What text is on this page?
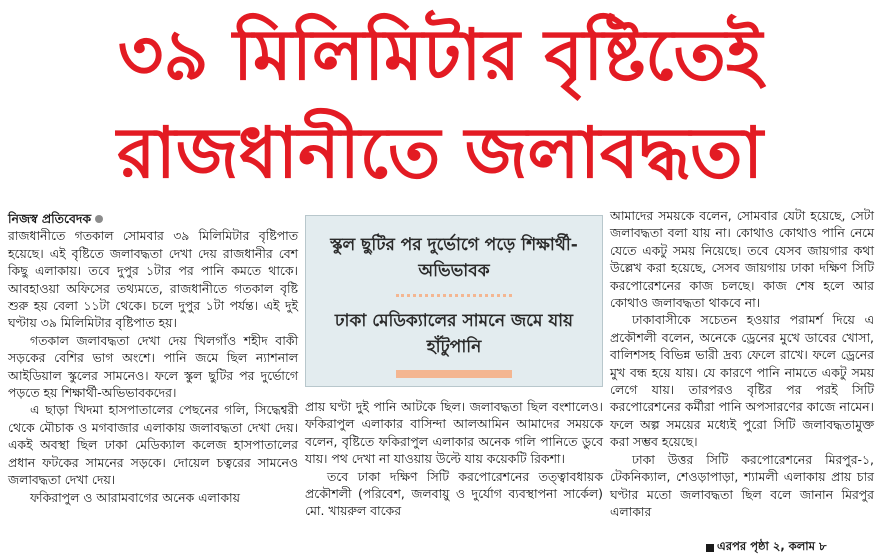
৩৯ মিলিমিটার বৃষ্টিতেই
রাজধানীতে জলাবদ্ধতা
নিজস্ব প্রতিবেদক

রাজধানীতে গতকাল সোমবার ৩৯ মিলিমিটার বৃষ্টিপাত হয়েছে। এই বৃষ্টিতে জলাবদ্ধতা দেখা দেয় রাজধানীর বেশ কিছু এলাকায়। তবে দুপুর ১টার পর পানি কমতে থাকে। আবহাওয়া অফিসের তথ্যমতে, রাজধানীতে গতকাল বৃষ্টি শুরু হয় বেলা ১১টা থেকে। চলে দুপুর ১টা পর্যন্ত। এই দুই ঘণ্টায় ৩৯ মিলিমিটার বৃষ্টিপাত হয়।

গতকাল জলাবদ্ধতা দেখা দেয় খিলগাঁও শহীদ বাকী সড়কের বেশির ভাগ অংশে। পানি জমে ছিল ন্যাশনাল আইডিয়াল স্কুলের সামনেও। ফলে স্কুল ছুটির পর দুর্ভোগে পড়তে হয় শিক্ষার্থী-অভিভাবকদের।

এ ছাড়া খিদমা হাসপাতালের পেছনের গলি, সিদ্ধেশ্বরী থেকে মৌচাক ও মগবাজার এলাকায় জলাবদ্ধতা দেখা দেয়। একই অবস্থা ছিল ঢাকা মেডিক্যাল কলেজ হাসপাতালের প্রধান ফটকের সামনের সড়কে। দোয়েল চত্বরের সামনেও জলাবদ্ধতা দেখা দেয়।

ফকিরাপুল ও আরামবাগের অনেক এলাকায়

স্কুল ছুটির পর দুর্ভোগে পড়ে শিক্ষার্থী-অভিভাবক
ঢাকা মেডিক্যালের সামনে জমে যায় হাঁটুপানি

প্রায় ঘণ্টা দুই পানি আটকে ছিল। জলাবদ্ধতা ছিল বংশালেও। ফকিরাপুল এলাকার বাসিন্দা আলআমিন আমাদের সময়কে বলেন, বৃষ্টিতে ফকিরাপুল এলাকার অনেক গলি পানিতে ডুবে যায়। পথ দেখা না যাওয়ায় উল্টে যায় কয়েকটি রিকশা।

তবে ঢাকা দক্ষিণ সিটি করপোরেশনের তত্ত্বাবধায়ক প্রকৌশলী (পরিবেশ, জলবায়ু ও দুর্যোগ ব্যবস্থাপনা সার্কেল) মো. খায়রুল বাকের

আমাদের সময়কে বলেন, সোমবার যেটা হয়েছে, সেটা জলাবদ্ধতা বলা যায় না। কোথাও কোথাও পানি নেমে যেতে একটু সময় নিয়েছে। তবে যেসব জায়গার কথা উল্লেখ করা হয়েছে, সেসব জায়গায় ঢাকা দক্ষিণ সিটি করপোরেশনের কাজ চলছে। কাজ শেষ হলে আর কোথাও জলাবদ্ধতা থাকবে না।

ঢাকাবাসীকে সচেতন হওয়ার পরামর্শ দিয়ে এ প্রকৌশলী বলেন, অনেকে ড্রেনের মুখে ডাবের খোসা, বালিশসহ বিভিন্ন ভারী দ্রব্য ফেলে রাখে। ফলে ড্রেনের মুখ বন্ধ হয়ে যায়। যে কারণে পানি নামতে একটু সময় লেগে যায়। তারপরও বৃষ্টির পর পরই সিটি করপোরেশনের কর্মীরা পানি অপসারণের কাজে নামেন। ফলে অল্প সময়ের মধ্যেই পুরো সিটি জলাবদ্ধতামুক্ত করা সম্ভব হয়েছে।

ঢাকা উত্তর সিটি করপোরেশনের মিরপুর-১, টেকনিক্যাল, শেওড়াপাড়া, শ্যামলী এলাকায় প্রায় চার ঘণ্টার মতো জলাবদ্ধতা ছিল বলে জানান মিরপুর এলাকার

এরপর পৃষ্ঠা ২, কলাম ৮
